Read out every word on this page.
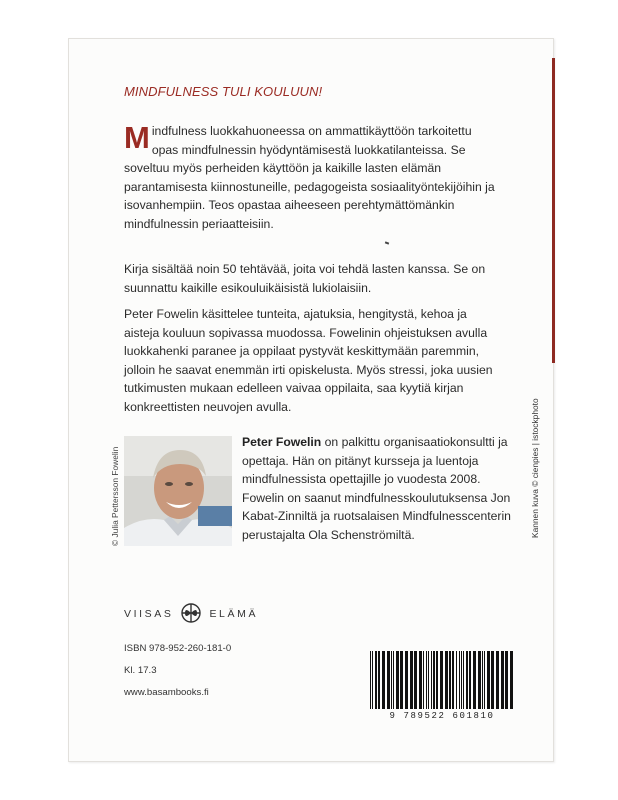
MINDFULNESS TULI KOULUUN!

Mindfulness luokkahuoneessa on ammattikäyttöön tarkoitettu opas mindfulnessin hyödyntämisestä luokkatilanteissa. Se soveltuu myös perheiden käyttöön ja kaikille lasten elämän parantamisesta kiinnostuneille, pedagogeista sosiaalityöntekijöihin ja isovanhempiin. Teos opastaa aiheeseen perehtymättömänkin mindfulnessin periaatteisiin.

Kirja sisältää noin 50 tehtävää, joita voi tehdä lasten kanssa. Se on suunnattu kaikille esikouluikäisistä lukiolaisiin.

Peter Fowelin käsittelee tunteita, ajatuksia, hengitystä, kehoa ja aisteja kouluun sopivassa muodossa. Fowelinin ohjeistuksen avulla luokkahenki paranee ja oppilaat pystyvät keskittymään paremmin, jolloin he saavat enemmän irti opiskelusta. Myös stressi, joka uusien tutkimusten mukaan edelleen vaivaa oppilaita, saa kyytiä kirjan konkreettisten neuvojen avulla.

© Julia Pettersson Fowelin

Peter Fowelin on palkittu organisaatiokonsultti ja opettaja. Hän on pitänyt kursseja ja luentoja mindfulnessista opettajille jo vuodesta 2008. Fowelin on saanut mindfulnesskoulutuksensa Jon Kabat-Zinniltä ja ruotsalaisen Mindfulnesscenterin perustajalta Ola Schenströmiltä.	Kannen kuva © cienpies | istockphoto
VIISAS	ELÄMÄ
ISBN 978-952-260-181-0
Kl. 17.3
www.basambooks.fi
9 789522 601810
